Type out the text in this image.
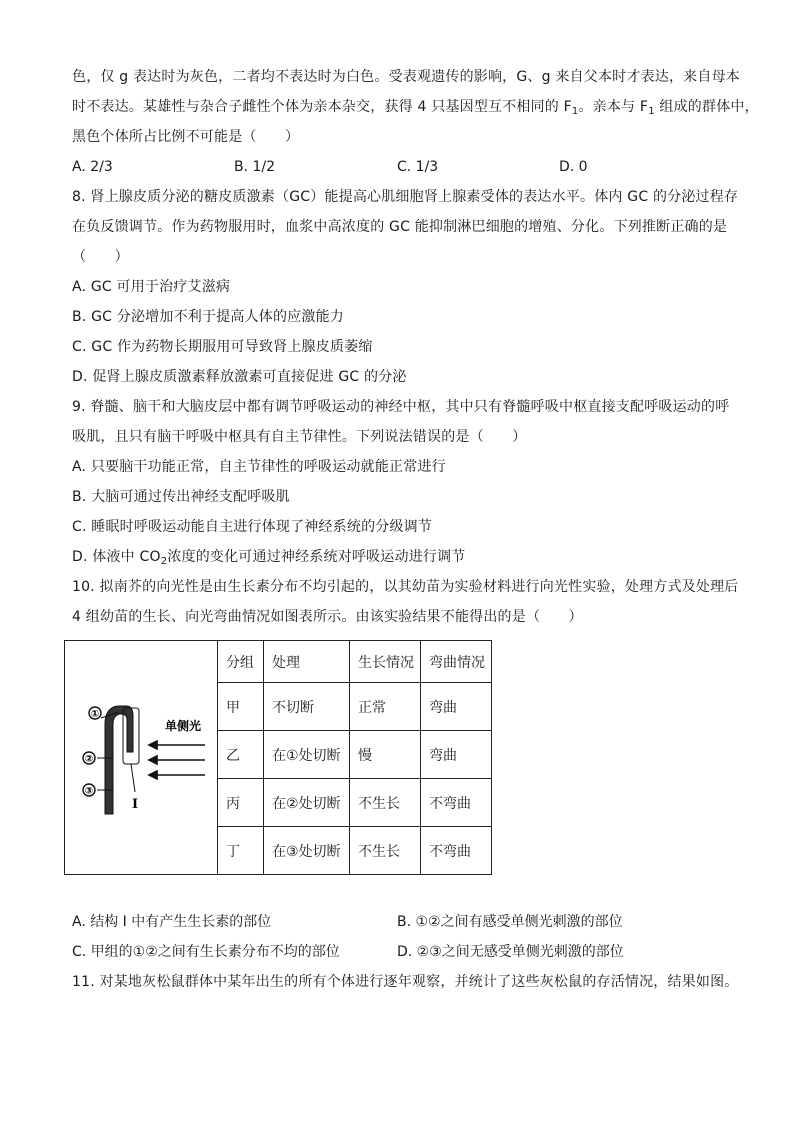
色，仅 g 表达时为灰色，二者均不表达时为白色。受表观遗传的影响，G、g 来自父本时才表达，来自母本
时不表达。某雄性与杂合子雌性个体为亲本杂交，获得 4 只基因型互不相同的 $F_1$。亲本与 $F_1$ 组成的群体中，
黑色个体所占比例不可能是（　　）
A. 2/3	B. 1/2	C. 1/3	D. 0
8. 肾上腺皮质分泌的糖皮质激素（GC）能提高心肌细胞肾上腺素受体的表达水平。体内 GC 的分泌过程存
在负反馈调节。作为药物服用时，血浆中高浓度的 GC 能抑制淋巴细胞的增殖、分化。下列推断正确的是
（　　）
A. GC 可用于治疗艾滋病
B. GC 分泌增加不利于提高人体的应激能力
C. GC 作为药物长期服用可导致肾上腺皮质萎缩
D. 促肾上腺皮质激素释放激素可直接促进 GC 的分泌
9. 脊髓、脑干和大脑皮层中都有调节呼吸运动的神经中枢，其中只有脊髓呼吸中枢直接支配呼吸运动的呼
吸肌，且只有脑干呼吸中枢具有自主节律性。下列说法错误的是（　　）
A. 只要脑干功能正常，自主节律性的呼吸运动就能正常进行
B. 大脑可通过传出神经支配呼吸肌
C. 睡眠时呼吸运动能自主进行体现了神经系统的分级调节
D. 体液中 $CO_2$浓度的变化可通过神经系统对呼吸运动进行调节
10. 拟南芥的向光性是由生长素分布不均引起的，以其幼苗为实验材料进行向光性实验，处理方式及处理后
4 组幼苗的生长、向光弯曲情况如图表所示。由该实验结果不能得出的是（　　）
①
②
③
I
单侧光	分组	处理	生长情况	弯曲情况
	甲	不切断	正常	弯曲
	乙	在①处切断	慢	弯曲
	丙	在②处切断	不生长	不弯曲
	丁	在③处切断	不生长	不弯曲
A. 结构 I 中有产生生长素的部位	B. ①②之间有感受单侧光刺激的部位
C. 甲组的①②之间有生长素分布不均的部位	D. ②③之间无感受单侧光刺激的部位
11. 对某地灰松鼠群体中某年出生的所有个体进行逐年观察，并统计了这些灰松鼠的存活情况，结果如图。
